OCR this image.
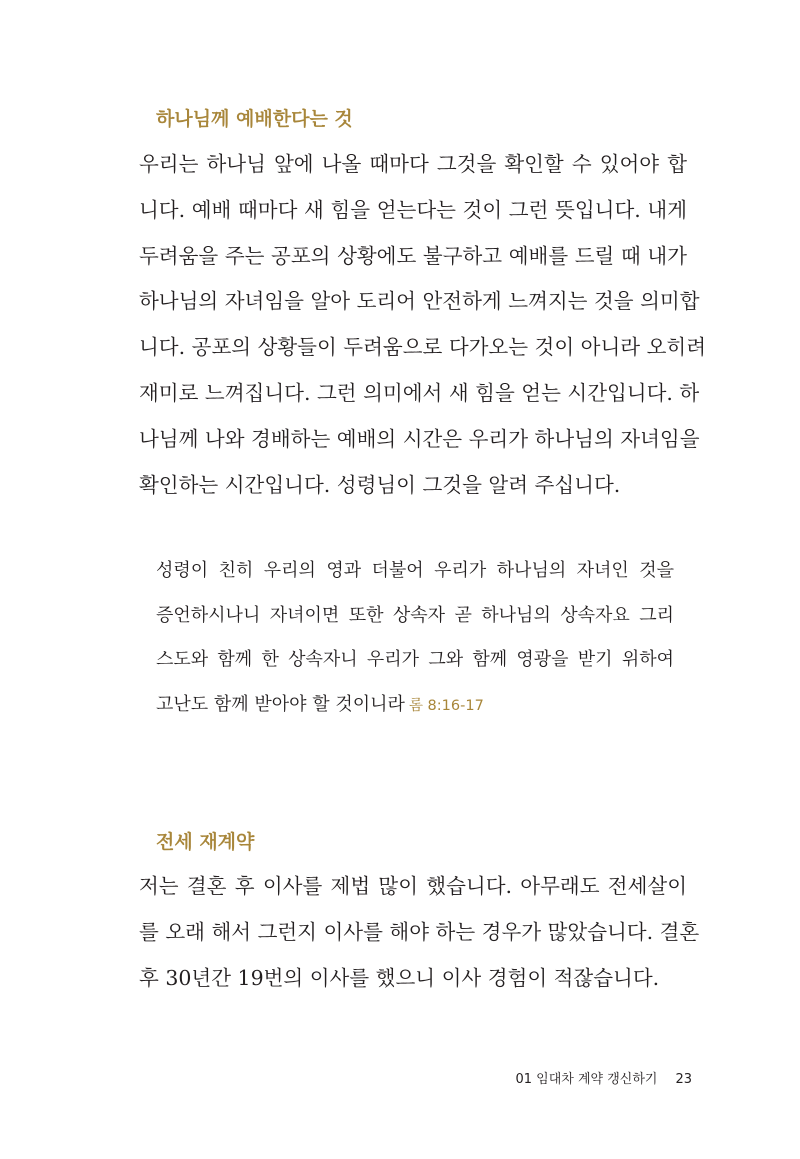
하나님께 예배한다는 것
우리는 하나님 앞에 나올 때마다 그것을 확인할 수 있어야 합
니다. 예배 때마다 새 힘을 얻는다는 것이 그런 뜻입니다. 내게
두려움을 주는 공포의 상황에도 불구하고 예배를 드릴 때 내가
하나님의 자녀임을 알아 도리어 안전하게 느껴지는 것을 의미합
니다. 공포의 상황들이 두려움으로 다가오는 것이 아니라 오히려
재미로 느껴집니다. 그런 의미에서 새 힘을 얻는 시간입니다. 하
나님께 나와 경배하는 예배의 시간은 우리가 하나님의 자녀임을
확인하는 시간입니다. 성령님이 그것을 알려 주십니다.
성령이 친히 우리의 영과 더불어 우리가 하나님의 자녀인 것을
증언하시나니 자녀이면 또한 상속자 곧 하나님의 상속자요 그리
스도와 함께 한 상속자니 우리가 그와 함께 영광을 받기 위하여
고난도 함께 받아야 할 것이니라 롬 8:16-17
전세 재계약
저는 결혼 후 이사를 제법 많이 했습니다. 아무래도 전세살이
를 오래 해서 그런지 이사를 해야 하는 경우가 많았습니다. 결혼
후 30년간 19번의 이사를 했으니 이사 경험이 적잖습니다.
01 임대차 계약 갱신하기 23
